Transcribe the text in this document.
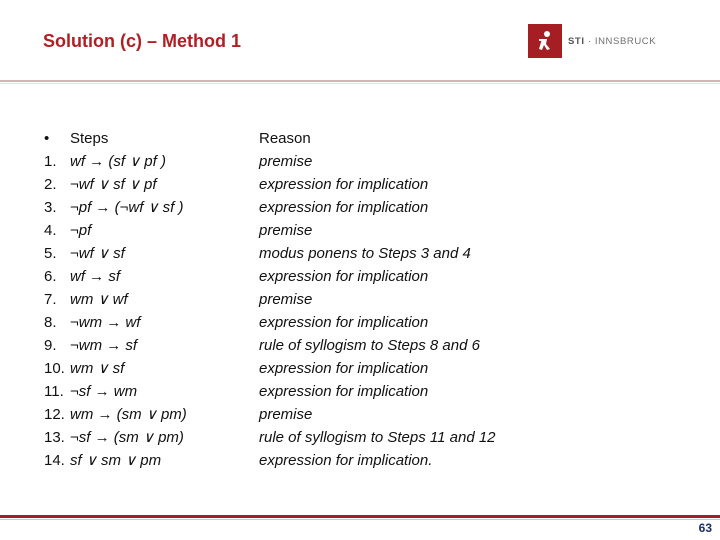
Solution (c) – Method 1	STI · INNSBRUCK
• Steps
1. wf → (sf ∨ pf )
2. ¬wf ∨ sf ∨ pf
3. ¬pf → (¬wf ∨ sf )
4. ¬pf
5. ¬wf ∨ sf
6. wf → sf
7. wm ∨ wf
8. ¬wm → wf
9. ¬wm → sf
10. wm ∨ sf
11. ¬sf → wm
12. wm → (sm ∨ pm)
13. ¬sf → (sm ∨ pm)
14. sf ∨ sm ∨ pm
Reason
premise
expression for implication
expression for implication
premise
modus ponens to Steps 3 and 4
expression for implication
premise
expression for implication
rule of syllogism to Steps 8 and 6
expression for implication
expression for implication
premise
rule of syllogism to Steps 11 and 12
expression for implication.
63
